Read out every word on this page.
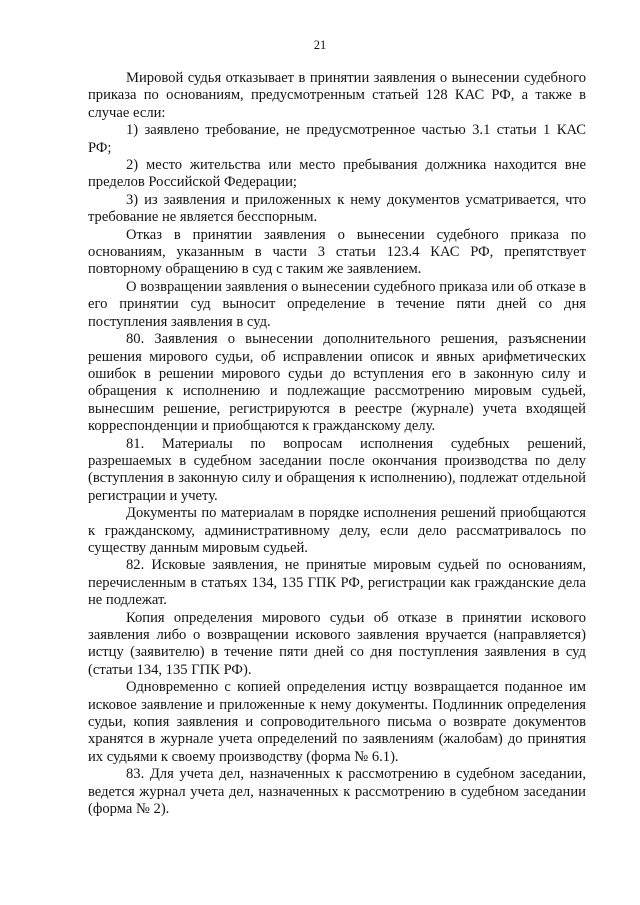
21

Мировой судья отказывает в принятии заявления о вынесении судебного приказа по основаниям, предусмотренным статьей 128 КАС РФ, а также в случае если:

1) заявлено требование, не предусмотренное частью 3.1 статьи 1 КАС РФ;

2) место жительства или место пребывания должника находится вне пределов Российской Федерации;

3) из заявления и приложенных к нему документов усматривается, что требование не является бесспорным.

Отказ в принятии заявления о вынесении судебного приказа по основаниям, указанным в части 3 статьи 123.4 КАС РФ, препятствует повторному обращению в суд с таким же заявлением.

О возвращении заявления о вынесении судебного приказа или об отказе в его принятии суд выносит определение в течение пяти дней со дня поступления заявления в суд.

80. Заявления о вынесении дополнительного решения, разъяснении решения мирового судьи, об исправлении описок и явных арифметических ошибок в решении мирового судьи до вступления его в законную силу и обращения к исполнению и подлежащие рассмотрению мировым судьей, вынесшим решение, регистрируются в реестре (журнале) учета входящей корреспонденции и приобщаются к гражданскому делу.

81. Материалы по вопросам исполнения судебных решений, разрешаемых в судебном заседании после окончания производства по делу (вступления в законную силу и обращения к исполнению), подлежат отдельной регистрации и учету.

Документы по материалам в порядке исполнения решений приобщаются к гражданскому, административному делу, если дело рассматривалось по существу данным мировым судьей.

82. Исковые заявления, не принятые мировым судьей по основаниям, перечисленным в статьях 134, 135 ГПК РФ, регистрации как гражданские дела не подлежат.

Копия определения мирового судьи об отказе в принятии искового заявления либо о возвращении искового заявления вручается (направляется) истцу (заявителю) в течение пяти дней со дня поступления заявления в суд (статьи 134, 135 ГПК РФ).

Одновременно с копией определения истцу возвращается поданное им исковое заявление и приложенные к нему документы. Подлинник определения судьи, копия заявления и сопроводительного письма о возврате документов хранятся в журнале учета определений по заявлениям (жалобам) до принятия их судьями к своему производству (форма № 6.1).

83. Для учета дел, назначенных к рассмотрению в судебном заседании, ведется журнал учета дел, назначенных к рассмотрению в судебном заседании (форма № 2).
